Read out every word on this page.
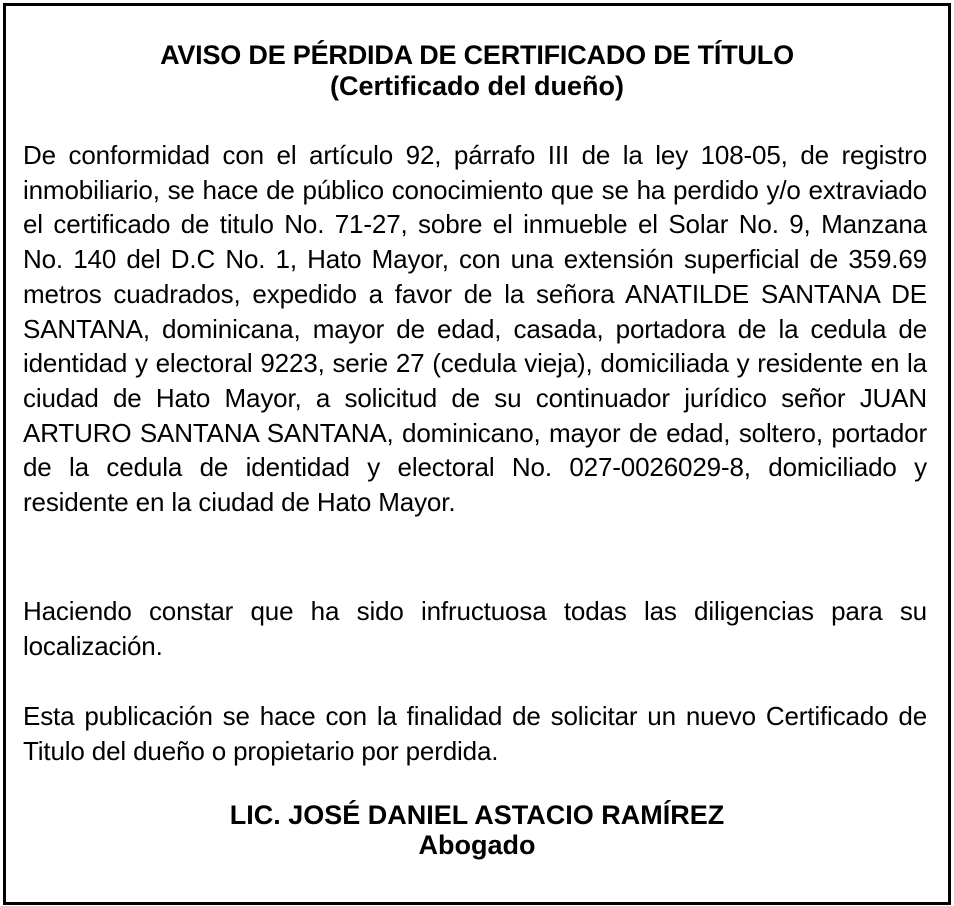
AVISO DE PÉRDIDA DE CERTIFICADO DE TÍTULO
(Certificado del dueño)

De conformidad con el artículo 92, párrafo III de la ley 108-05, de registro inmobiliario, se hace de público conocimiento que se ha perdido y/o extraviado el certificado de titulo No. 71-27, sobre el inmueble el Solar No. 9, Manzana No. 140 del D.C No. 1, Hato Mayor, con una extensión superficial de 359.69 metros cuadrados, expedido a favor de la señora ANATILDE SANTANA DE SANTANA, dominicana, mayor de edad, casada, portadora de la cedula de identidad y electoral 9223, serie 27 (cedula vieja), domiciliada y residente en la ciudad de Hato Mayor, a solicitud de su continuador jurídico señor JUAN ARTURO SANTANA SANTANA, dominicano, mayor de edad, soltero, portador de la cedula de identidad y electoral No. 027-0026029-8, domiciliado y residente en la ciudad de Hato Mayor.

Haciendo constar que ha sido infructuosa todas las diligencias para su localización.

Esta publicación se hace con la finalidad de solicitar un nuevo Certificado de Titulo del dueño o propietario por perdida.

LIC. JOSÉ DANIEL ASTACIO RAMÍREZ
Abogado
